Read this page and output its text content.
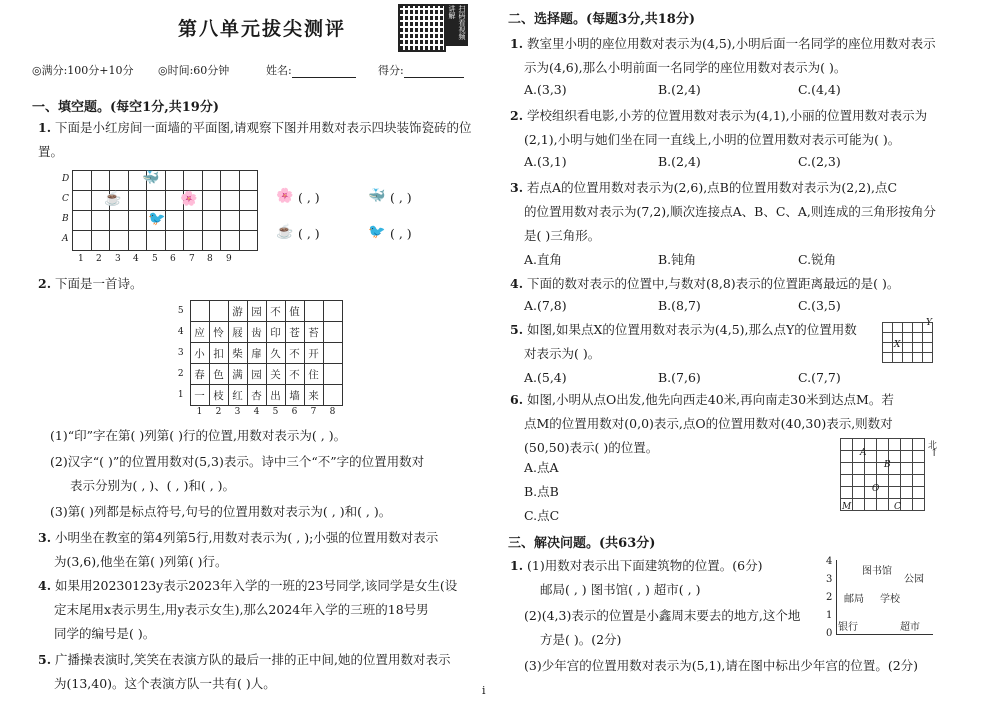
第八单元拔尖测评	扫码看视频讲解
◎满分:100分+10分 ◎时间:60分钟	姓名:	得分:
一、填空题。(每空1分,共19分)
1. 下面是小红房间一面墙的平面图,请观察下图并用数对表示四块装饰瓷砖的位置。
D
C
B
A

🐳
☕	🌸
🐦
1 2 3 4 5 6 7 8 9
🌸 ( , )	🐳 ( , )
☕ ( , )	🐦 ( , )
2. 下面是一首诗。
5			游	园	不	值		
4	应	怜	屐	齿	印	苍	苔	
3	小	扣	柴	扉	久	不	开	
2	春	色	满	园	关	不	住	
1	一	枝	红	杏	出	墙	来	
	1	2	3	4	5	6	7	8
(1)“印”字在第( )列第( )行的位置,用数对表示为( , )。
(2)汉字“( )”的位置用数对(5,3)表示。诗中三个“不”字的位置用数对
表示分别为( , )、( , )和( , )。
(3)第( )列都是标点符号,句号的位置用数对表示为( , )和( , )。
3. 小明坐在教室的第4列第5行,用数对表示为( , );小强的位置用数对表示
为(3,6),他坐在第( )列第( )行。
4. 如果用20230123y表示2023年入学的一班的23号同学,该同学是女生(设
定末尾用x表示男生,用y表示女生),那么2024年入学的三班的18号男
同学的编号是( )。
5. 广播操表演时,笑笑在表演方队的最后一排的正中间,她的位置用数对表示
为(13,40)。这个表演方队一共有( )人。
二、选择题。(每题3分,共18分)
1. 教室里小明的座位用数对表示为(4,5),小明后面一名同学的座位用数对表示
示为(4,6),那么小明前面一名同学的座位用数对表示为( )。
A.(3,3)	B.(2,4)	C.(4,4)
2. 学校组织看电影,小芳的位置用数对表示为(4,1),小丽的位置用数对表示为
(2,1),小明与她们坐在同一直线上,小明的位置用数对表示可能为( )。
A.(3,1)	B.(2,4)	C.(2,3)
3. 若点A的位置用数对表示为(2,6),点B的位置用数对表示为(2,2),点C
的位置用数对表示为(7,2),顺次连接点A、B、C、A,则连成的三角形按角分
是( )三角形。
A.直角	B.钝角	C.锐角
4. 下面的数对表示的位置中,与数对(8,8)表示的位置距离最远的是( )。
A.(7,8)	B.(8,7)	C.(3,5)
5. 如图,如果点X的位置用数对表示为(4,5),那么点Y的位置用数
对表示为( )。

X
Y
A.(5,4)	B.(7,6)	C.(7,7)
6. 如图,小明从点O出发,他先向西走40米,再向南走30米到达点M。若
点M的位置用数对(0,0)表示,点O的位置用数对(40,30)表示,则数对
(50,50)表示( )的位置。

							A
B
O
M	C
北
↑
A.点A
B.点B
C.点C
三、解决问题。(共63分)
1. (1)用数对表示出下面建筑物的位置。(6分)
邮局( , ) 图书馆( , ) 超市( , )
(2)(4,3)表示的位置是小鑫周末要去的地方,这个地
方是( )。(2分)
(3)少年宫的位置用数对表示为(5,1),请在图中标出少年宫的位置。(2分)
4
3
2
1
0
图书馆
公园
邮局 学校
银行	超市
i
